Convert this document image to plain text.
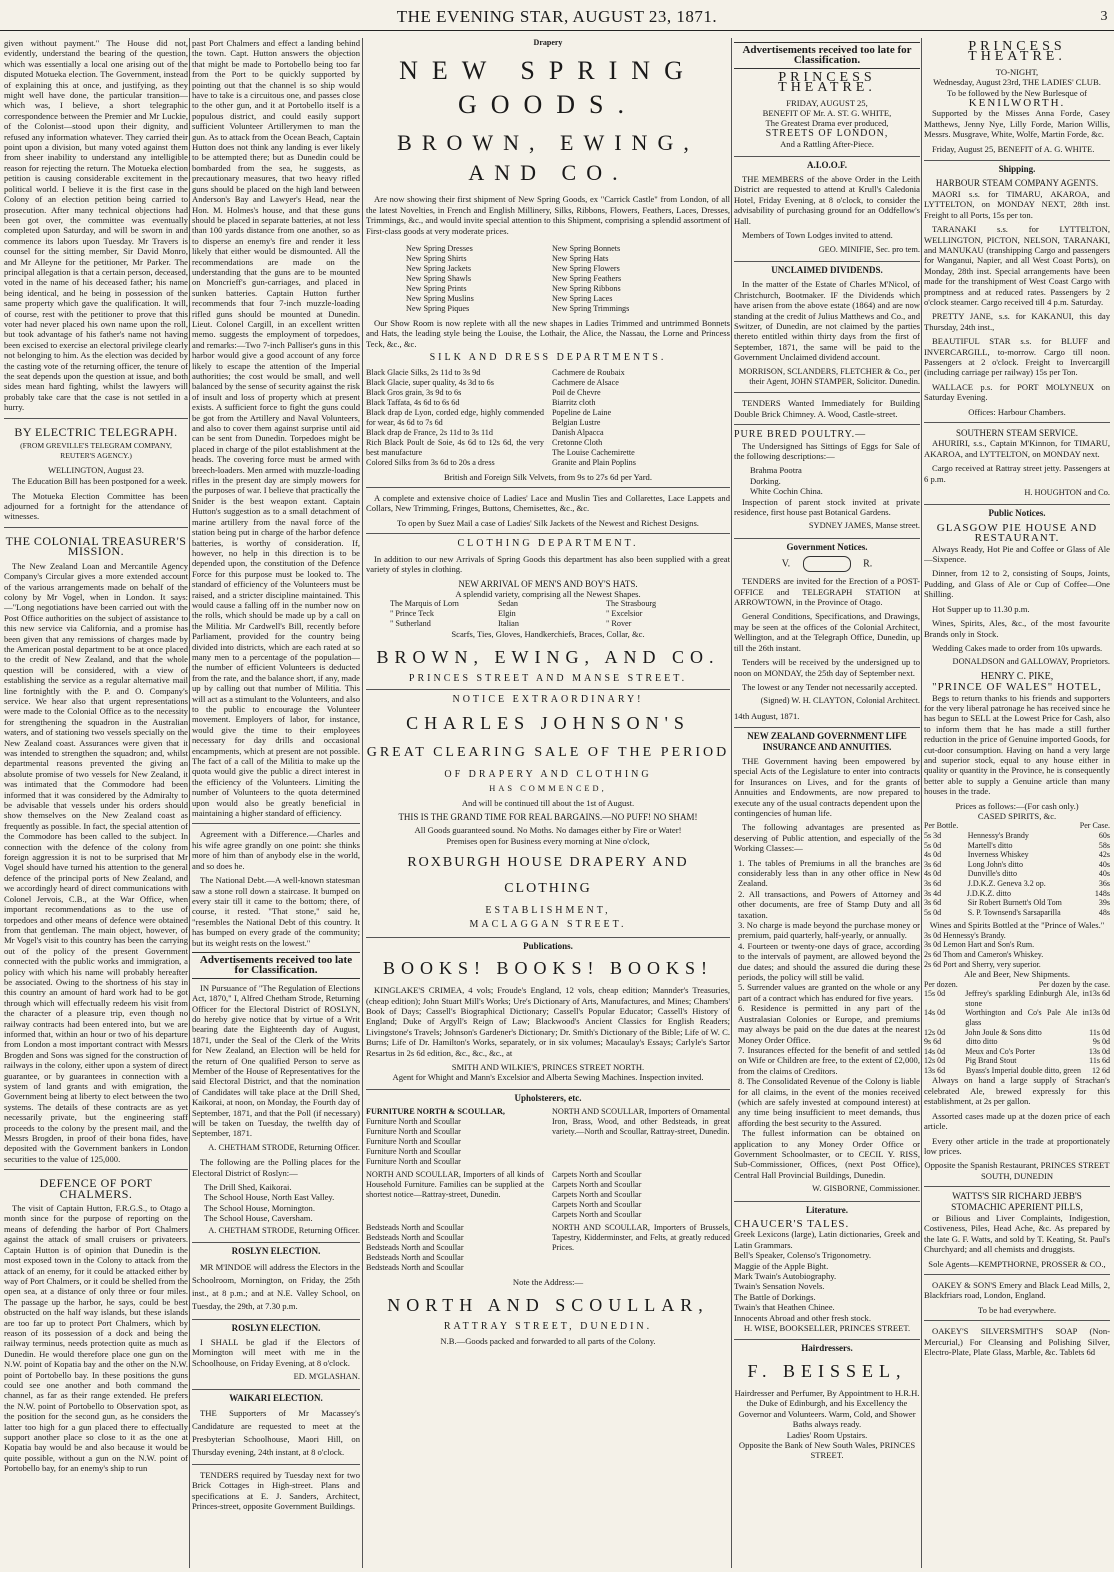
THE EVENING STAR, AUGUST 23, 1871.	3

given without payment." The House did not, evidently, understand the bearing of the question, which was essentially a local one arising out of the disputed Motueka election. The Government, instead of explaining this at once, and justifying, as they might well have done, the particular transition—which was, I believe, a short telegraphic correspondence between the Premier and Mr Luckie, of the Colonist—stood upon their dignity, and refused any information whatever. They carried their point upon a division, but many voted against them from sheer inability to understand any intelligible reason for rejecting the return. The Motueka election petition is causing considerable excitement in the political world. I believe it is the first case in the Colony of an election petition being carried to prosecution. After many technical objections had been got over, the committee was eventually completed upon Saturday, and will be sworn in and commence its labors upon Tuesday. Mr Travers is counsel for the sitting member, Sir David Monro, and Mr Alleyne for the petitioner, Mr Parker. The principal allegation is that a certain person, deceased, voted in the name of his deceased father; his name being identical, and he being in possession of the same property which gave the qualification. It will, of course, rest with the petitioner to prove that this voter had never placed his own name upon the roll, but took advantage of his father's name not having been excised to exercise an electoral privilege clearly not belonging to him. As the election was decided by the casting vote of the returning officer, the tenure of the seat depends upon the question at issue, and both sides mean hard fighting, whilst the lawyers will probably take care that the case is not settled in a hurry.

BY ELECTRIC TELEGRAPH.
(FROM GREVILLE'S TELEGRAM COMPANY, REUTER'S AGENCY.)
WELLINGTON, August 23.

The Education Bill has been postponed for a week.

The Motueka Election Committee has been adjourned for a fortnight for the attendance of witnesses.

THE COLONIAL TREASURER'S MISSION.

The New Zealand Loan and Mercantile Agency Company's Circular gives a more extended account of the various arrangements made on behalf of the colony by Mr Vogel, when in London. It says:—"Long negotiations have been carried out with the Post Office authorities on the subject of assistance to this new service via California, and a promise has been given that any remissions of charges made by the American postal department to be at once placed to the credit of New Zealand, and that the whole question will be considered, with a view of establishing the service as a regular alternative mail line fortnightly with the P. and O. Company's service. We hear also that urgent representations were made to the Colonial Office as to the necessity for strengthening the squadron in the Australian waters, and of stationing two vessels specially on the New Zealand coast. Assurances were given that it was intended to strengthen the squadron; and, whilst departmental reasons prevented the giving an absolute promise of two vessels for New Zealand, it was intimated that the Commodore had been informed that it was considered by the Admiralty to be advisable that vessels under his orders should show themselves on the New Zealand coast as frequently as possible. In fact, the special attention of the Commodore has been called to the subject. In connection with the defence of the colony from foreign aggression it is not to be surprised that Mr Vogel should have turned his attention to the general defence of the principal ports of New Zealand, and we accordingly heard of direct communications with Colonel Jervois, C.B., at the War Office, when important recommendations as to the use of torpedoes and other means of defence were obtained from that gentleman. The main object, however, of Mr Vogel's visit to this country has been the carrying out of the policy of the present Government connected with the public works and immigration, a policy with which his name will probably hereafter be associated. Owing to the shortness of his stay in this country an amount of hard work had to be got through which will effectually redeem his visit from the character of a pleasure trip, even though no railway contracts had been entered into, but we are informed that, within an hour or two of his departure from London a most important contract with Messrs Brogden and Sons was signed for the construction of railways in the colony, either upon a system of direct guarantee, or by guarantees in connection with a system of land grants and with emigration, the Government being at liberty to elect between the two systems. The details of these contracts are as yet necessarily private, but the engineering staff proceeds to the colony by the present mail, and the Messrs Brogden, in proof of their bona fides, have deposited with the Government bankers in London securities to the value of 125,000.

DEFENCE OF PORT CHALMERS.

The visit of Captain Hutton, F.R.G.S., to Otago a month since for the purpose of reporting on the means of defending the harbor of Port Chalmers against the attack of small cruisers or privateers. Captain Hutton is of opinion that Dunedin is the most exposed town in the Colony to attack from the attack of an enemy, for it could be attacked either by way of Port Chalmers, or it could be shelled from the open sea, at a distance of only three or four miles. The passage up the harbor, he says, could be best obstructed on the half way islands, but these islands are too far up to protect Port Chalmers, which by reason of its possession of a dock and being the railway terminus, needs protection quite as much as Dunedin. He would therefore place one gun on the N.W. point of Kopatia bay and the other on the N.W. point of Portobello bay. In these positions the guns could see one another and both command the channel, as far as their range extended. He prefers the N.W. point of Portobello to Observation spot, as the position for the second gun, as he considers the latter too high for a gun placed there to effectually support another place so close to it as the one at Kopatia bay would be and also because it would be quite possible, without a gun on the N.W. point of Portobello bay, for an enemy's ship to run

past Port Chalmers and effect a landing behind the town. Capt. Hutton answers the objection that might be made to Portobello being too far from the Port to be quickly supported by pointing out that the channel is so ship would have to take is a circuitous one, and passes close to the other gun, and it at Portobello itself is a populous district, and could easily support sufficient Volunteer Artillerymen to man the gun. As to attack from the Ocean Beach, Captain Hutton does not think any landing is ever likely to be attempted there; but as Dunedin could be bombarded from the sea, he suggests, as precautionary measures, that two heavy rifled guns should be placed on the high land between Anderson's Bay and Lawyer's Head, near the Hon. M. Holmes's house, and that these guns should be placed in separate batteries, at not less than 100 yards distance from one another, so as to disperse an enemy's fire and render it less likely that either would be dismounted. All the recommendations are made on the understanding that the guns are to be mounted on Moncrieff's gun-carriages, and placed in sunken batteries. Captain Hutton further recommends that four 7-inch muzzle-loading rifled guns should be mounted at Dunedin. Lieut. Colonel Cargill, in an excellent written memo. suggests the employment of torpedoes, and remarks:—Two 7-inch Palliser's guns in this harbor would give a good account of any force likely to escape the attention of the Imperial authorities; the cost would be small, and well balanced by the sense of security against the risk of insult and loss of property which at present exists. A sufficient force to fight the guns could be got from the Artillery and Naval Volunteers, and also to cover them against surprise until aid can be sent from Dunedin. Torpedoes might be placed in charge of the pilot establishment at the heads. The covering force must be armed with breech-loaders. Men armed with muzzle-loading rifles in the present day are simply mowers for the purposes of war. I believe that practically the Snider is the best weapon extant. Captain Hutton's suggestion as to a small detachment of marine artillery from the naval force of the station being put in charge of the harbor defence batteries, is worthy of consideration. If, however, no help in this direction is to be depended upon, the constitution of the Defence Force for this purpose must be looked to. The standard of efficiency of the Volunteers must be raised, and a stricter discipline maintained. This would cause a falling off in the number now on the rolls, which should be made up by a call on the Militia. Mr Cardwell's Bill, recently before Parliament, provided for the country being divided into districts, which are each rated at so many men to a percentage of the population—the number of efficient Volunteers is deducted from the rate, and the balance short, if any, made up by calling out that number of Militia. This will act as a stimulant to the Volunteers, and also to the public to encourage the Volunteer movement. Employers of labor, for instance, would give the time to their employees necessary for day drills and occasional encampments, which at present are not possible. The fact of a call of the Militia to make up the quota would give the public a direct interest in the efficiency of the Volunteers. Limiting the number of Volunteers to the quota determined upon would also be greatly beneficial in maintaining a higher standard of efficiency.

Agreement with a Difference.—Charles and his wife agree grandly on one point: she thinks more of him than of anybody else in the world, and so does he.

The National Debt.—A well-known statesman saw a stone roll down a staircase. It bumped on every stair till it came to the bottom; there, of course, it rested. "That stone," said he, "resembles the National Debt of this country. It has bumped on every grade of the community; but its weight rests on the lowest."

Advertisements received too late for Classification.

IN Pursuance of "The Regulation of Elections Act, 1870," I, Alfred Chetham Strode, Returning Officer for the Electoral District of ROSLYN, do hereby give notice that by virtue of a Writ bearing date the Eighteenth day of August, 1871, under the Seal of the Clerk of the Writs for New Zealand, an Election will be held for the return of One qualified Person to serve as Member of the House of Representatives for the said Electoral District, and that the nomination of Candidates will take place at the Drill Shed, Kaikorai, at noon, on Monday, the Fourth day of September, 1871, and that the Poll (if necessary) will be taken on Tuesday, the twelfth day of September, 1871.

A. CHETHAM STRODE, Returning Officer.

The following are the Polling places for the Electoral District of Roslyn:—

The Drill Shed, Kaikorai.
The School House, North East Valley.
The School House, Mornington.
The School House, Caversham.
A. CHETHAM STRODE, Returning Officer.
ROSLYN ELECTION.

MR M'INDOE will address the Electors in the Schoolroom, Mornington, on Friday, the 25th inst., at 8 p.m.; and at N.E. Valley School, on Tuesday, the 29th, at 7.30 p.m.

ROSLYN ELECTION.

I SHALL be glad if the Electors of Mornington will meet with me in the Schoolhouse, on Friday Evening, at 8 o'clock.

ED. M'GLASHAN.
WAIKARI ELECTION.

THE Supporters of Mr Macassey's Candidature are requested to meet at the Presbyterian Schoolhouse, Maori Hill, on Thursday evening, 24th instant, at 8 o'clock.

TENDERS required by Tuesday next for two Brick Cottages in High-street. Plans and specifications at E. J. Sanders, Architect, Princes-street, opposite Government Buildings.

Drapery
NEW SPRING GOODS.
BROWN, EWING, AND CO.

Are now showing their first shipment of New Spring Goods, ex "Carrick Castle" from London, of all the latest Novelties, in French and English Millinery, Silks, Ribbons, Flowers, Feathers, Laces, Dresses, Trimmings, &c., and would invite special attention to this Shipment, comprising a splendid assortment of First-class goods at very moderate prices.

New Spring Dresses
New Spring Shirts
New Spring Jackets
New Spring Shawls
New Spring Prints
New Spring Muslins
New Spring Piques
New Spring Bonnets
New Spring Hats
New Spring Flowers
New Spring Feathers
New Spring Ribbons
New Spring Laces
New Spring Trimmings

Our Show Room is now replete with all the new shapes in Ladies Trimmed and untrimmed Bonnets and Hats, the leading style being the Louise, the Lothair, the Alice, the Nassau, the Lorne and Princess Teck, &c., &c.

SILK AND DRESS DEPARTMENTS.
Black Glacie Silks, 2s 11d to 3s 9d
Black Glacie, super quality, 4s 3d to 6s
Black Gros grain, 3s 9d to 6s
Black Taffata, 4s 6d to 6s 6d
Black drap de Lyon, corded edge, highly commended for wear, 4s 6d to 7s 6d
Black drap de France, 2s 11d to 3s 11d
Rich Black Poult de Soie, 4s 6d to 12s 6d, the very best manufacture
Colored Silks from 3s 6d to 20s a dress
Cachmere de Roubaix
Cachmere de Alsace
Poil de Chevre
Biarritz cloth
Popeline de Laine
Belgian Lustre
Danish Alpacca
Cretonne Cloth
The Louise Cachemirette
Granite and Plain Poplins
British and Foreign Silk Velvets, from 9s to 27s 6d per Yard.

A complete and extensive choice of Ladies' Lace and Muslin Ties and Collarettes, Lace Lappets and Collars, New Trimming, Fringes, Buttons, Chemisettes, &c., &c.

To open by Suez Mail a case of Ladies' Silk Jackets of the Newest and Richest Designs.
CLOTHING DEPARTMENT.

In addition to our new Arrivals of Spring Goods this department has also been supplied with a great variety of styles in clothing.

NEW ARRIVAL OF MEN'S AND BOY'S HATS.
A splendid variety, comprising all the Newest Shapes.
The Marquis of Lorn
" Prince Teck
" Sutherland
Sedan
Elgin
Italian
The Strasbourg
" Excelsior
" Rover
Scarfs, Ties, Gloves, Handkerchiefs, Braces, Collar, &c.
BROWN, EWING, AND CO.
PRINCES STREET AND MANSE STREET.
NOTICE EXTRAORDINARY!
CHARLES JOHNSON'S
GREAT CLEARING SALE OF THE PERIOD
OF DRAPERY AND CLOTHING
HAS COMMENCED,
And will be continued till about the 1st of August.
THIS IS THE GRAND TIME FOR REAL BARGAINS.—NO PUFF! NO SHAM!
All Goods guaranteed sound. No Moths. No damages either by Fire or Water!
Premises open for Business every morning at Nine o'clock,
ROXBURGH HOUSE DRAPERY AND CLOTHING
ESTABLISHMENT,
MACLAGGAN STREET.
Publications.
BOOKS! BOOKS! BOOKS!

KINGLAKE'S CRIMEA, 4 vols; Froude's England, 12 vols, cheap edition; Mannder's Treasuries, (cheap edition); John Stuart Mill's Works; Ure's Dictionary of Arts, Manufactures, and Mines; Chambers' Book of Days; Cassell's Biographical Dictionary; Cassell's Popular Educator; Cassell's History of England; Duke of Argyll's Reign of Law; Blackwood's Ancient Classics for English Readers; Livingstone's Travels; Johnson's Gardener's Dictionary; Dr. Smith's Dictionary of the Bible; Life of W. C. Burns; Life of Dr. Hamilton's Works, separately, or in six volumes; Macaulay's Essays; Carlyle's Sartor Resartus in 2s 6d edition, &c., &c., &c., at

SMITH AND WILKIE'S, PRINCES STREET NORTH.
Agent for Whight and Mann's Excelsior and Alberta Sewing Machines. Inspection invited.
Upholsterers, etc.
FURNITURE NORTH & SCOULLAR,
Furniture North and Scoullar
Furniture North and Scoullar
Furniture North and Scoullar
Furniture North and Scoullar
Furniture North and Scoullar
NORTH AND SCOULLAR, Importers of Ornamental Iron, Brass, Wood, and other Bedsteads, in great variety.—North and Scoullar, Rattray-street, Dunedin.
NORTH AND SCOULLAR, Importers of all kinds of Household Furniture. Families can be supplied at the shortest notice—Rattray-street, Dunedin.
Carpets North and Scoullar
Carpets North and Scoullar
Carpets North and Scoullar
Carpets North and Scoullar
Carpets North and Scoullar
Bedsteads North and Scoullar
Bedsteads North and Scoullar
Bedsteads North and Scoullar
Bedsteads North and Scoullar
Bedsteads North and Scoullar
NORTH AND SCOULLAR, Importers of Brussels, Tapestry, Kidderminster, and Felts, at greatly reduced Prices.
Note the Address:—
NORTH AND SCOULLAR,
RATTRAY STREET, DUNEDIN.
N.B.—Goods packed and forwarded to all parts of the Colony.
Advertisements received too late for Classification.
PRINCESS THEATRE.
FRIDAY, AUGUST 25,
BENEFIT OF Mr. A. ST. G. WHITE,
The Greatest Drama ever produced,
STREETS OF LONDON,
And a Rattling After-Piece.
A.I.O.O.F.

THE MEMBERS of the above Order in the Leith District are requested to attend at Krull's Caledonia Hotel, Friday Evening, at 8 o'clock, to consider the advisability of purchasing ground for an Oddfellow's Hall.

Members of Town Lodges invited to attend.

GEO. MINIFIE, Sec. pro tem.
UNCLAIMED DIVIDENDS.

In the matter of the Estate of Charles M'Nicol, of Christchurch, Bootmaker. IF the Dividends which have arisen from the above estate (1864) and are now standing at the credit of Julius Matthews and Co., and Switzer, of Dunedin, are not claimed by the parties thereto entitled within thirty days from the first of September, 1871, the same will be paid to the Government Unclaimed dividend account.

MORRISON, SCLANDERS, FLETCHER & Co., per their Agent, JOHN STAMPER, Solicitor. Dunedin.

TENDERS Wanted Immediately for Building Double Brick Chimney. A. Wood, Castle-street.

PURE BRED POULTRY.—

The Undersigned has Sittings of Eggs for Sale of the following descriptions:—

Brahma Pootra
Dorking.
White Cochin China.

Inspection of parent stock invited at private residence, first house past Botanical Gardens.

SYDNEY JAMES, Manse street.
Government Notices.
V.	R.

TENDERS are invited for the Erection of a POST-OFFICE and TELEGRAPH STATION at ARROWTOWN, in the Province of Otago.

General Conditions, Specifications, and Drawings, may be seen at the offices of the Colonial Architect, Wellington, and at the Telegraph Office, Dunedin, up till the 26th instant.

Tenders will be received by the undersigned up to noon on MONDAY, the 25th day of September next.

The lowest or any Tender not necessarily accepted.

(Signed) W. H. CLAYTON, Colonial Architect.
14th August, 1871.
NEW ZEALAND GOVERNMENT LIFE INSURANCE AND ANNUITIES.

THE Government having been empowered by special Acts of the Legislature to enter into contracts for Insurances on Lives, and for the grants of Annuities and Endowments, are now prepared to execute any of the usual contracts dependent upon the contingencies of human life.

The following advantages are presented as deserving of Public attention, and especially of the Working Classes:—

1. The tables of Premiums in all the branches are considerably less than in any other office in New Zealand.
2. All transactions, and Powers of Attorney and other documents, are free of Stamp Duty and all taxation.
3. No charge is made beyond the purchase money or premium, paid quarterly, half-yearly, or annually.
4. Fourteen or twenty-one days of grace, according to the intervals of payment, are allowed beyond the due dates; and should the assured die during these periods, the policy will still be valid.
5. Surrender values are granted on the whole or any part of a contract which has endured for five years.
6. Residence is permitted in any part of the Australasian Colonies or Europe, and premiums may always be paid on the due dates at the nearest Money Order Office.
7. Insurances effected for the benefit of and settled on Wife or Children are free, to the extent of £2,000, from the claims of Creditors.
8. The Consolidated Revenue of the Colony is liable for all claims, in the event of the monies received (which are safely invested at compound interest) at any time being insufficient to meet demands, thus affording the best security to the Assured.

The fullest information can be obtained on application to any Money Order Office or Government Schoolmaster, or to CECIL Y. RISS, Sub-Commissioner, Offices, (next Post Office), Central Hall Provincial Buildings, Dunedin.

W. GISBORNE, Commissioner.
Literature.
CHAUCER'S TALES.
Greek Lexicons (large), Latin dictionaries, Greek and Latin Grammars.
Bell's Speaker, Colenso's Trigonometry.
Maggie of the Apple Bight.
Mark Twain's Autobiography.
Twain's Sensation Novels.
The Battle of Dorkings.
Twain's that Heathen Chinee.
Innocents Abroad and other fresh stock.
H. WISE, BOOKSELLER, PRINCES STREET.
Hairdressers.
F. BEISSEL,
Hairdresser and Perfumer, By Appointment to H.R.H. the Duke of Edinburgh, and his Excellency the Governor and Volunteers. Warm, Cold, and Shower Baths always ready.
Ladies' Room Upstairs.
Opposite the Bank of New South Wales, PRINCES STREET.
PRINCESS THEATRE.
TO-NIGHT,
Wednesday, August 23rd, THE LADIES' CLUB.
To be followed by the New Burlesque of
KENILWORTH.

Supported by the Misses Anna Forde, Casey Matthews, Jenny Nye, Lilly Forde, Marion Willis, Messrs. Musgrave, White, Wolfe, Martin Forde, &c.

Friday, August 25, BENEFIT of A. G. WHITE.

Shipping.
HARBOUR STEAM COMPANY AGENTS.

MAORI s.s. for TIMARU, AKAROA, and LYTTELTON, on MONDAY NEXT, 28th inst. Freight to all Ports, 15s per ton.

TARANAKI s.s. for LYTTELTON, WELLINGTON, PICTON, NELSON, TARANAKI, and MANUKAU (transhipping Cargo and passengers for Wanganui, Napier, and all West Coast Ports), on Monday, 28th inst. Special arrangements have been made for the transhipment of West Coast Cargo with promptness and at reduced rates. Passengers by 2 o'clock steamer. Cargo received till 4 p.m. Saturday.

PRETTY JANE, s.s. for KAKANUI, this day Thursday, 24th inst.,

BEAUTIFUL STAR s.s. for BLUFF and INVERCARGILL, to-morrow. Cargo till noon. Passengers at 2 o'clock. Freight to Invercargill (including carriage per railway) 15s per Ton.

WALLACE p.s. for PORT MOLYNEUX on Saturday Evening.

Offices: Harbour Chambers.
SOUTHERN STEAM SERVICE.

AHURIRI, s.s., Captain M'Kinnon, for TIMARU, AKAROA, and LYTTELTON, on MONDAY next.

Cargo received at Rattray street jetty. Passengers at 6 p.m.

H. HOUGHTON and Co.
Public Notices.
GLASGOW PIE HOUSE AND RESTAURANT.

Always Ready, Hot Pie and Coffee or Glass of Ale—Sixpence.

Dinner, from 12 to 2, consisting of Soups, Joints, Pudding, and Glass of Ale or Cup of Coffee—One Shilling.

Hot Supper up to 11.30 p.m.

Wines, Spirits, Ales, &c., of the most favourite Brands only in Stock.

Wedding Cakes made to order from 10s upwards.

DONALDSON and GALLOWAY, Proprietors.
HENRY C. PIKE,
"PRINCE OF WALES" HOTEL,

Begs to return thanks to his friends and supporters for the very liberal patronage he has received since he has begun to SELL at the Lowest Price for Cash, also to inform them that he has made a still further reduction in the price of Genuine imported Goods, for cut-door consumption. Having on hand a very large and superior stock, equal to any house either in quality or quantity in the Province, he is consequently better able to supply a Genuine article than many houses in the trade.

Prices as follows:—(For cash only.)
CASED SPIRITS, &c.
Per Bottle.	Per Case.
5s 3d	Hennessy's Brandy	60s
5s 0d	Martell's ditto	58s
4s 0d	Inverness Whiskey	42s
3s 6d	Long John's ditto	40s
4s 0d	Dunville's ditto	40s
3s 6d	J.D.K.Z. Geneva 3.2 op.	36s
3s 4d	J.D.K.Z. ditto	148s
3s 6d	Sir Robert Burnett's Old Tom	39s
5s 0d	S. P. Townsend's Sarsaparilla	48s
Wines and Spirits Bottled at the "Prince of Wales."
3s 0d Hennessy's Brandy.
3s 0d Lemon Hart and Son's Rum.
2s 6d Thom and Cameron's Whiskey.
2s 6d Port and Sherry, very superior.
Ale and Beer, New Shipments.
Per dozen.	Per dozen by the case.
15s 0d	Jeffrey's sparkling Edinburgh Ale, in stone
13s 6d
14s 0d	Worthington and Co's Pale Ale in glass
13s 0d
12s 0d	John Joule & Sons ditto	11s 0d
9s 6d	ditto ditto	9s 0d
14s 0d	Meux and Co's Porter	13s 0d
12s 0d	Pig Brand Stout	11s 6d
13s 6d	Byass's Imperial double ditto, green	12 6d

Always on hand a large supply of Strachan's celebrated Ale, brewed expressly for this establishment, at 2s per gallon.

Assorted cases made up at the dozen price of each article.

Every other article in the trade at proportionately low prices.

Opposite the Spanish Restaurant, PRINCES STREET SOUTH, DUNEDIN
WATTS'S SIR RICHARD JEBB'S STOMACHIC APERIENT PILLS,

or Bilious and Liver Complaints, Indigestion, Costiveness, Piles, Head Ache, &c. As prepared by the late G. F. Watts, and sold by T. Keating, St. Paul's Churchyard; and all chemists and druggists.

Sole Agents—KEMPTHORNE, PROSSER & CO.,

OAKEY & SON'S Emery and Black Lead Mills, 2, Blackfriars road, London, England.

To be had everywhere.

OAKEY'S SILVERSMITH'S SOAP (Non-Mercurial,) For Cleansing and Polishing Silver, Electro-Plate, Plate Glass, Marble, &c. Tablets 6d
